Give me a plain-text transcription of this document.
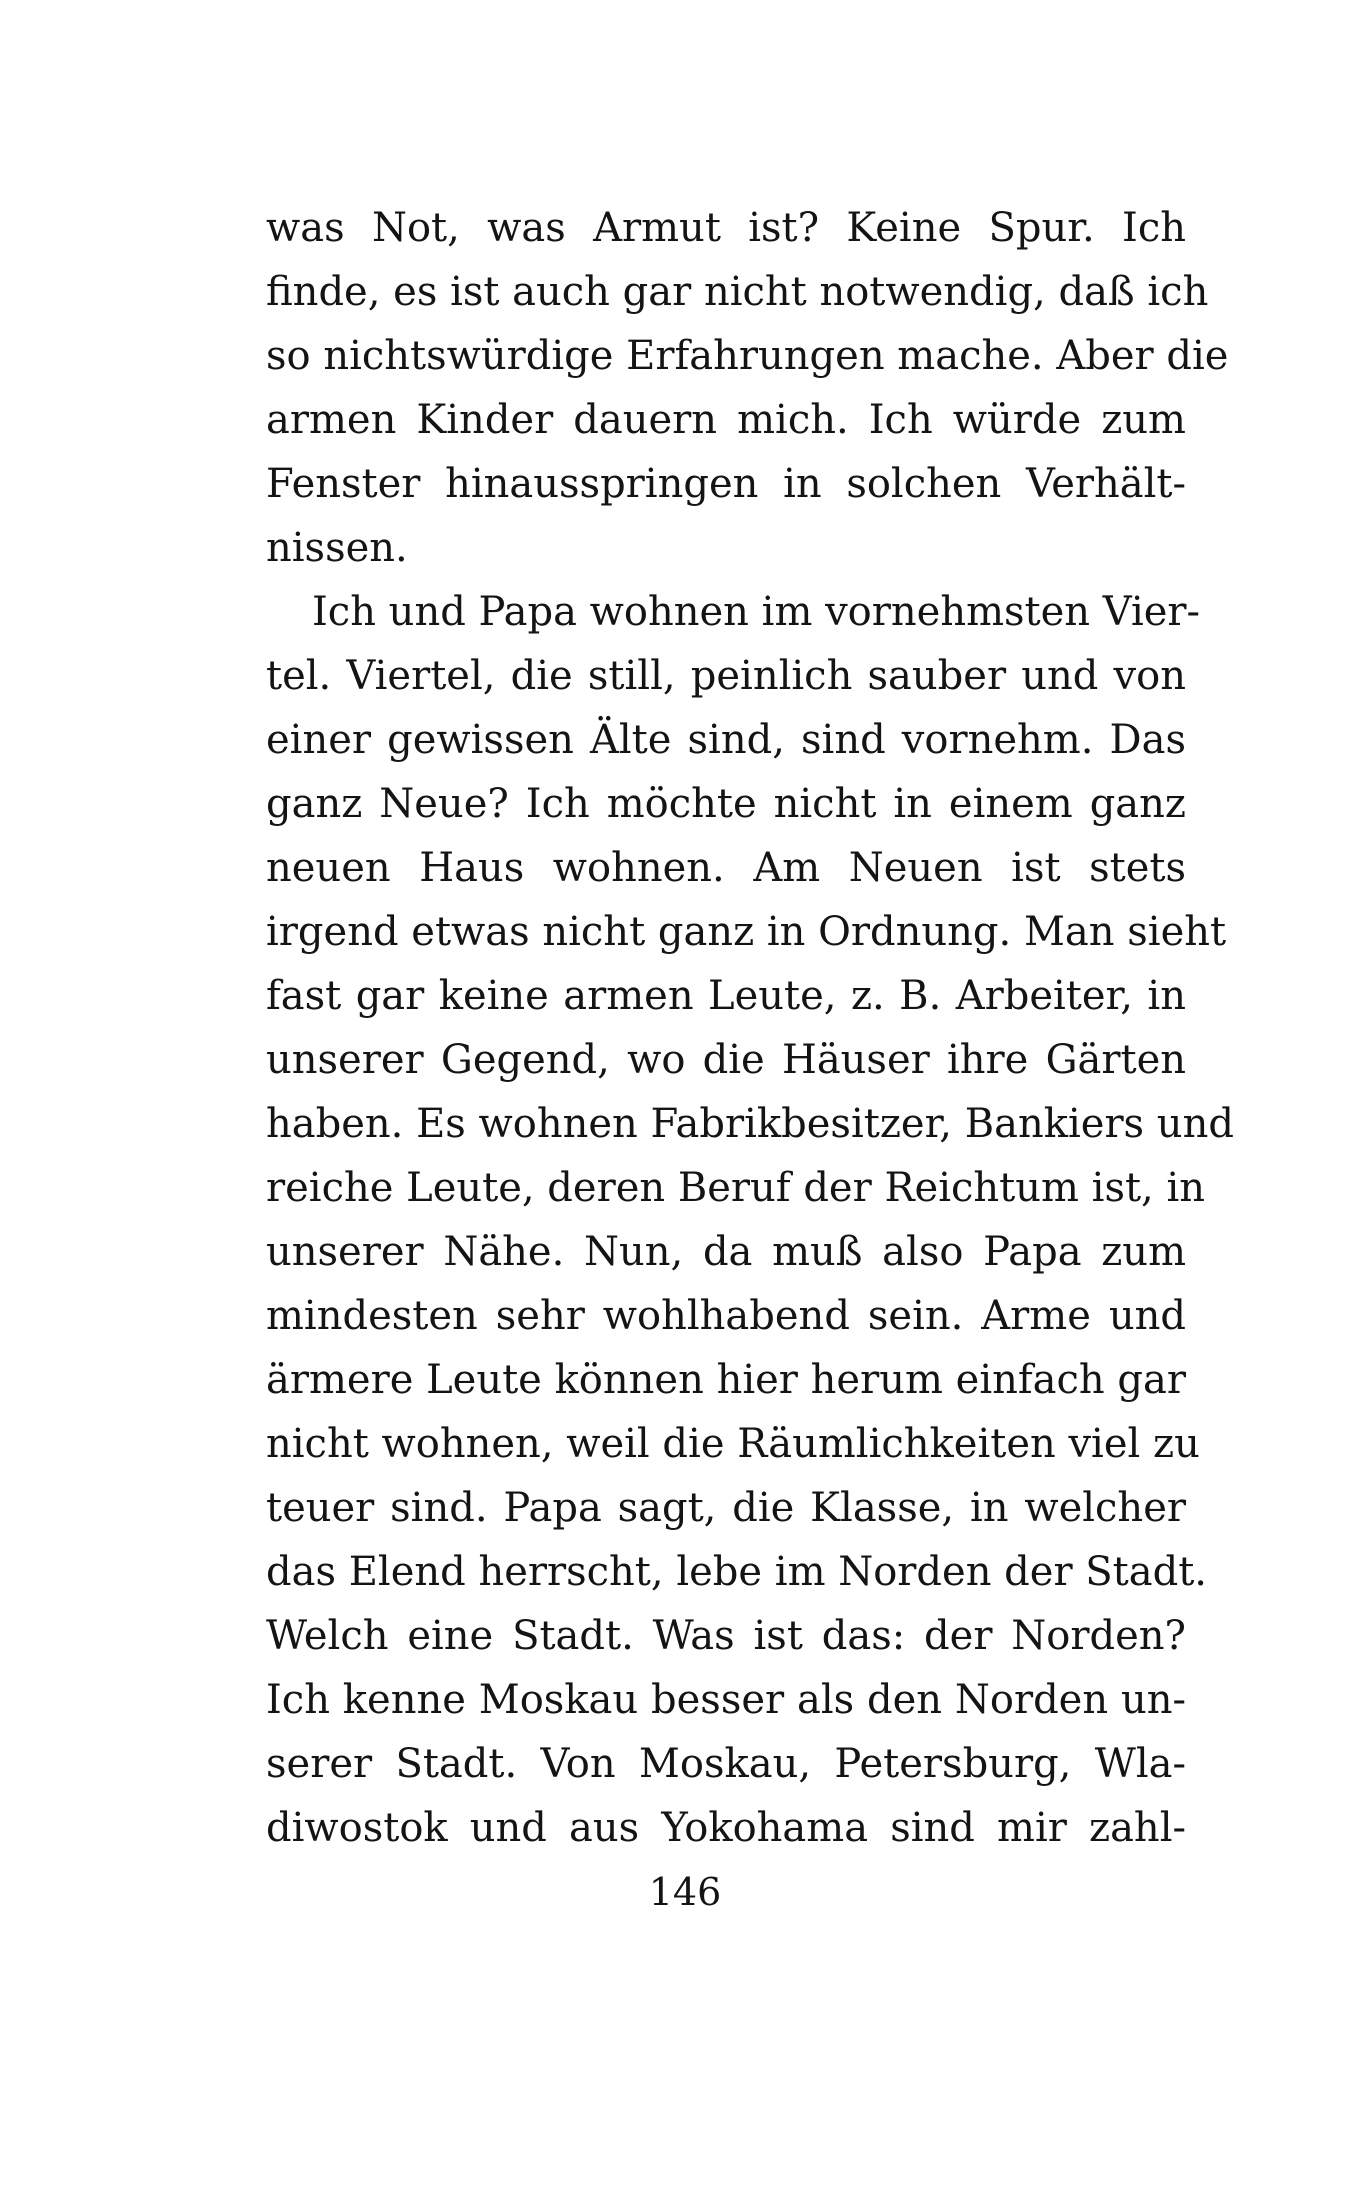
was Not, was Armut ist? Keine Spur. Ich
finde, es ist auch gar nicht notwendig, daß ich
so nichtswürdige Erfahrungen mache. Aber die
armen Kinder dauern mich. Ich würde zum
Fenster hinausspringen in solchen Verhält-
nissen.
Ich und Papa wohnen im vornehmsten Vier-
tel. Viertel, die still, peinlich sauber und von
einer gewissen Älte sind, sind vornehm. Das
ganz Neue? Ich möchte nicht in einem ganz
neuen Haus wohnen. Am Neuen ist stets
irgend etwas nicht ganz in Ordnung. Man sieht
fast gar keine armen Leute, z. B. Arbeiter, in
unserer Gegend, wo die Häuser ihre Gärten
haben. Es wohnen Fabrikbesitzer, Bankiers und
reiche Leute, deren Beruf der Reichtum ist, in
unserer Nähe. Nun, da muß also Papa zum
mindesten sehr wohlhabend sein. Arme und
ärmere Leute können hier herum einfach gar
nicht wohnen, weil die Räumlichkeiten viel zu
teuer sind. Papa sagt, die Klasse, in welcher
das Elend herrscht, lebe im Norden der Stadt.
Welch eine Stadt. Was ist das: der Norden?
Ich kenne Moskau besser als den Norden un-
serer Stadt. Von Moskau, Petersburg, Wla-
diwostok und aus Yokohama sind mir zahl-
146
